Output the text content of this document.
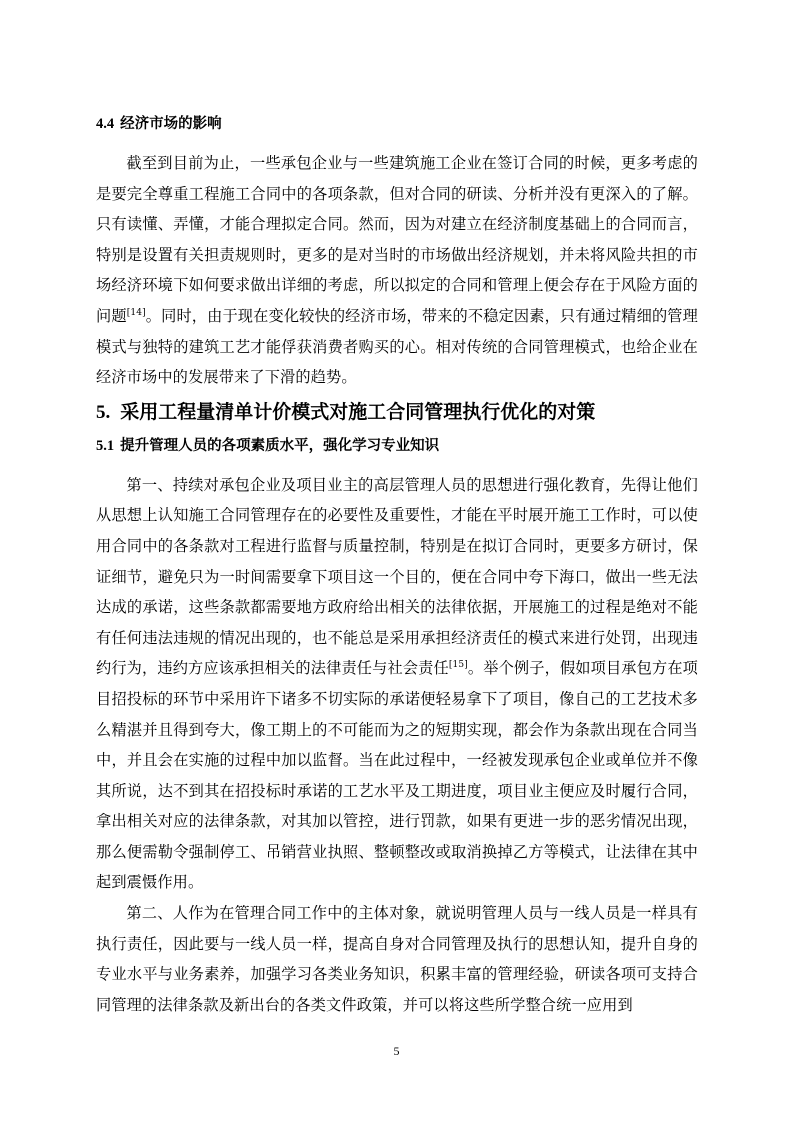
4.4 经济市场的影响

截至到目前为止，一些承包企业与一些建筑施工企业在签订合同的时候，更多考虑的是要完全尊重工程施工合同中的各项条款，但对合同的研读、分析并没有更深入的了解。只有读懂、弄懂，才能合理拟定合同。然而，因为对建立在经济制度基础上的合同而言，特别是设置有关担责规则时，更多的是对当时的市场做出经济规划，并未将风险共担的市场经济环境下如何要求做出详细的考虑，所以拟定的合同和管理上便会存在于风险方面的问题[14]。同时，由于现在变化较快的经济市场，带来的不稳定因素，只有通过精细的管理模式与独特的建筑工艺才能俘获消费者购买的心。相对传统的合同管理模式，也给企业在经济市场中的发展带来了下滑的趋势。

5. 采用工程量清单计价模式对施工合同管理执行优化的对策
5.1 提升管理人员的各项素质水平，强化学习专业知识

第一、持续对承包企业及项目业主的高层管理人员的思想进行强化教育，先得让他们从思想上认知施工合同管理存在的必要性及重要性，才能在平时展开施工工作时，可以使用合同中的各条款对工程进行监督与质量控制，特别是在拟订合同时，更要多方研讨，保证细节，避免只为一时间需要拿下项目这一个目的，便在合同中夸下海口，做出一些无法达成的承诺，这些条款都需要地方政府给出相关的法律依据，开展施工的过程是绝对不能有任何违法违规的情况出现的，也不能总是采用承担经济责任的模式来进行处罚，出现违约行为，违约方应该承担相关的法律责任与社会责任[15]。举个例子，假如项目承包方在项目招投标的环节中采用许下诸多不切实际的承诺便轻易拿下了项目，像自己的工艺技术多么精湛并且得到夸大，像工期上的不可能而为之的短期实现，都会作为条款出现在合同当中，并且会在实施的过程中加以监督。当在此过程中，一经被发现承包企业或单位并不像其所说，达不到其在招投标时承诺的工艺水平及工期进度，项目业主便应及时履行合同，拿出相关对应的法律条款，对其加以管控，进行罚款，如果有更进一步的恶劣情况出现，那么便需勒令强制停工、吊销营业执照、整顿整改或取消换掉乙方等模式，让法律在其中起到震慑作用。

第二、人作为在管理合同工作中的主体对象，就说明管理人员与一线人员是一样具有执行责任，因此要与一线人员一样，提高自身对合同管理及执行的思想认知，提升自身的专业水平与业务素养，加强学习各类业务知识，积累丰富的管理经验，研读各项可支持合同管理的法律条款及新出台的各类文件政策，并可以将这些所学整合统一应用到

5
